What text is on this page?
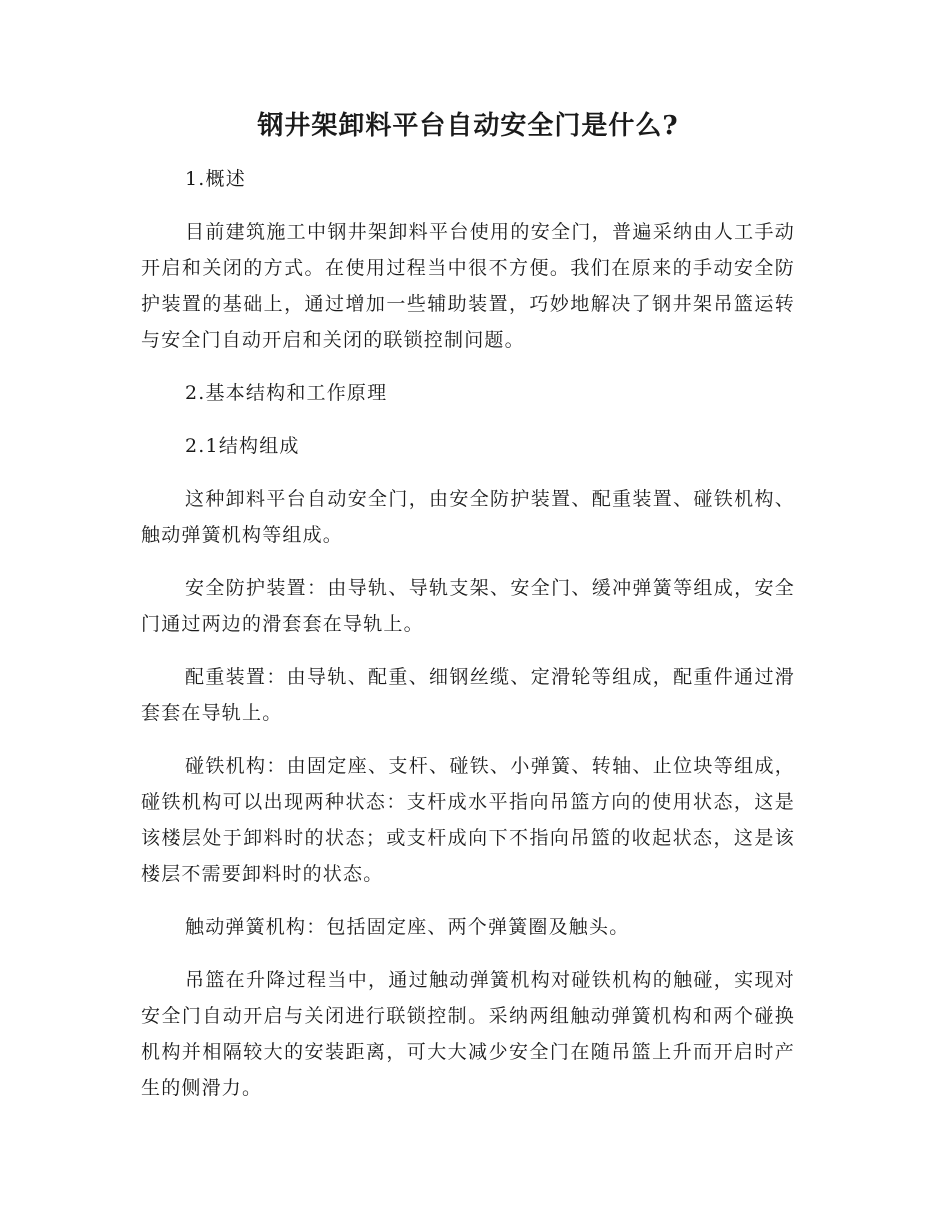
钢井架卸料平台自动安全门是什么?

1.概述

目前建筑施工中钢井架卸料平台使用的安全门，普遍采纳由人工手动开启和关闭的方式。在使用过程当中很不方便。我们在原来的手动安全防护装置的基础上，通过增加一些辅助装置，巧妙地解决了钢井架吊篮运转与安全门自动开启和关闭的联锁控制问题。

2.基本结构和工作原理

2.1结构组成

这种卸料平台自动安全门，由安全防护装置、配重装置、碰铁机构、触动弹簧机构等组成。

安全防护装置：由导轨、导轨支架、安全门、缓冲弹簧等组成，安全门通过两边的滑套套在导轨上。

配重装置：由导轨、配重、细钢丝缆、定滑轮等组成，配重件通过滑套套在导轨上。

碰铁机构：由固定座、支杆、碰铁、小弹簧、转轴、止位块等组成，碰铁机构可以出现两种状态：支杆成水平指向吊篮方向的使用状态，这是该楼层处于卸料时的状态；或支杆成向下不指向吊篮的收起状态，这是该楼层不需要卸料时的状态。

触动弹簧机构：包括固定座、两个弹簧圈及触头。

吊篮在升降过程当中，通过触动弹簧机构对碰铁机构的触碰，实现对安全门自动开启与关闭进行联锁控制。采纳两组触动弹簧机构和两个碰换机构并相隔较大的安装距离，可大大减少安全门在随吊篮上升而开启时产生的侧滑力。
